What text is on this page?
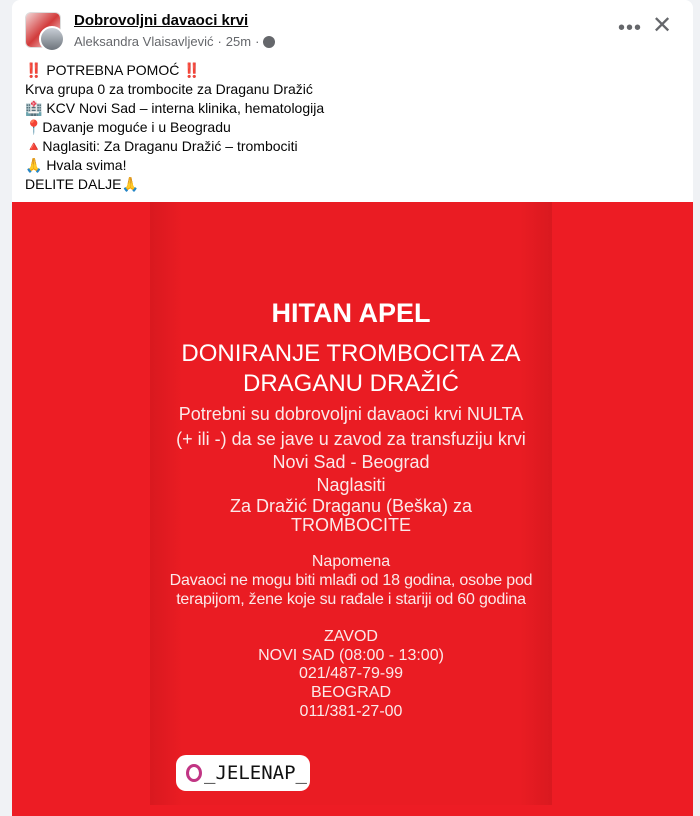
Dobrovoljni davaoci krvi
Aleksandra Vlaisavljević · 25m ·
••• ✕
‼️ POTREBNA POMOĆ ‼️
Krva grupa 0 za trombocite za Draganu Dražić
🏥 KCV Novi Sad – interna klinika, hematologija
📍Davanje moguće i u Beogradu
🔺Naglasiti: Za Draganu Dražić – trombociti
🙏 Hvala svima!
DELITE DALJE🙏
HITAN APEL
DONIRANJE TROMBOCITA ZA
DRAGANU DRAŽIĆ
Potrebni su dobrovoljni davaoci krvi NULTA
(+ ili -) da se jave u zavod za transfuziju krvi
Novi Sad - Beograd
Naglasiti
Za Dražić Draganu (Beška) za
TROMBOCITE
Napomena
Davaoci ne mogu biti mlađi od 18 godina, osobe pod
terapijom, žene koje su rađale i stariji od 60 godina
ZAVOD
NOVI SAD (08:00 - 13:00)
021/487-79-99
BEOGRAD
011/381-27-00
_JELENAP_
